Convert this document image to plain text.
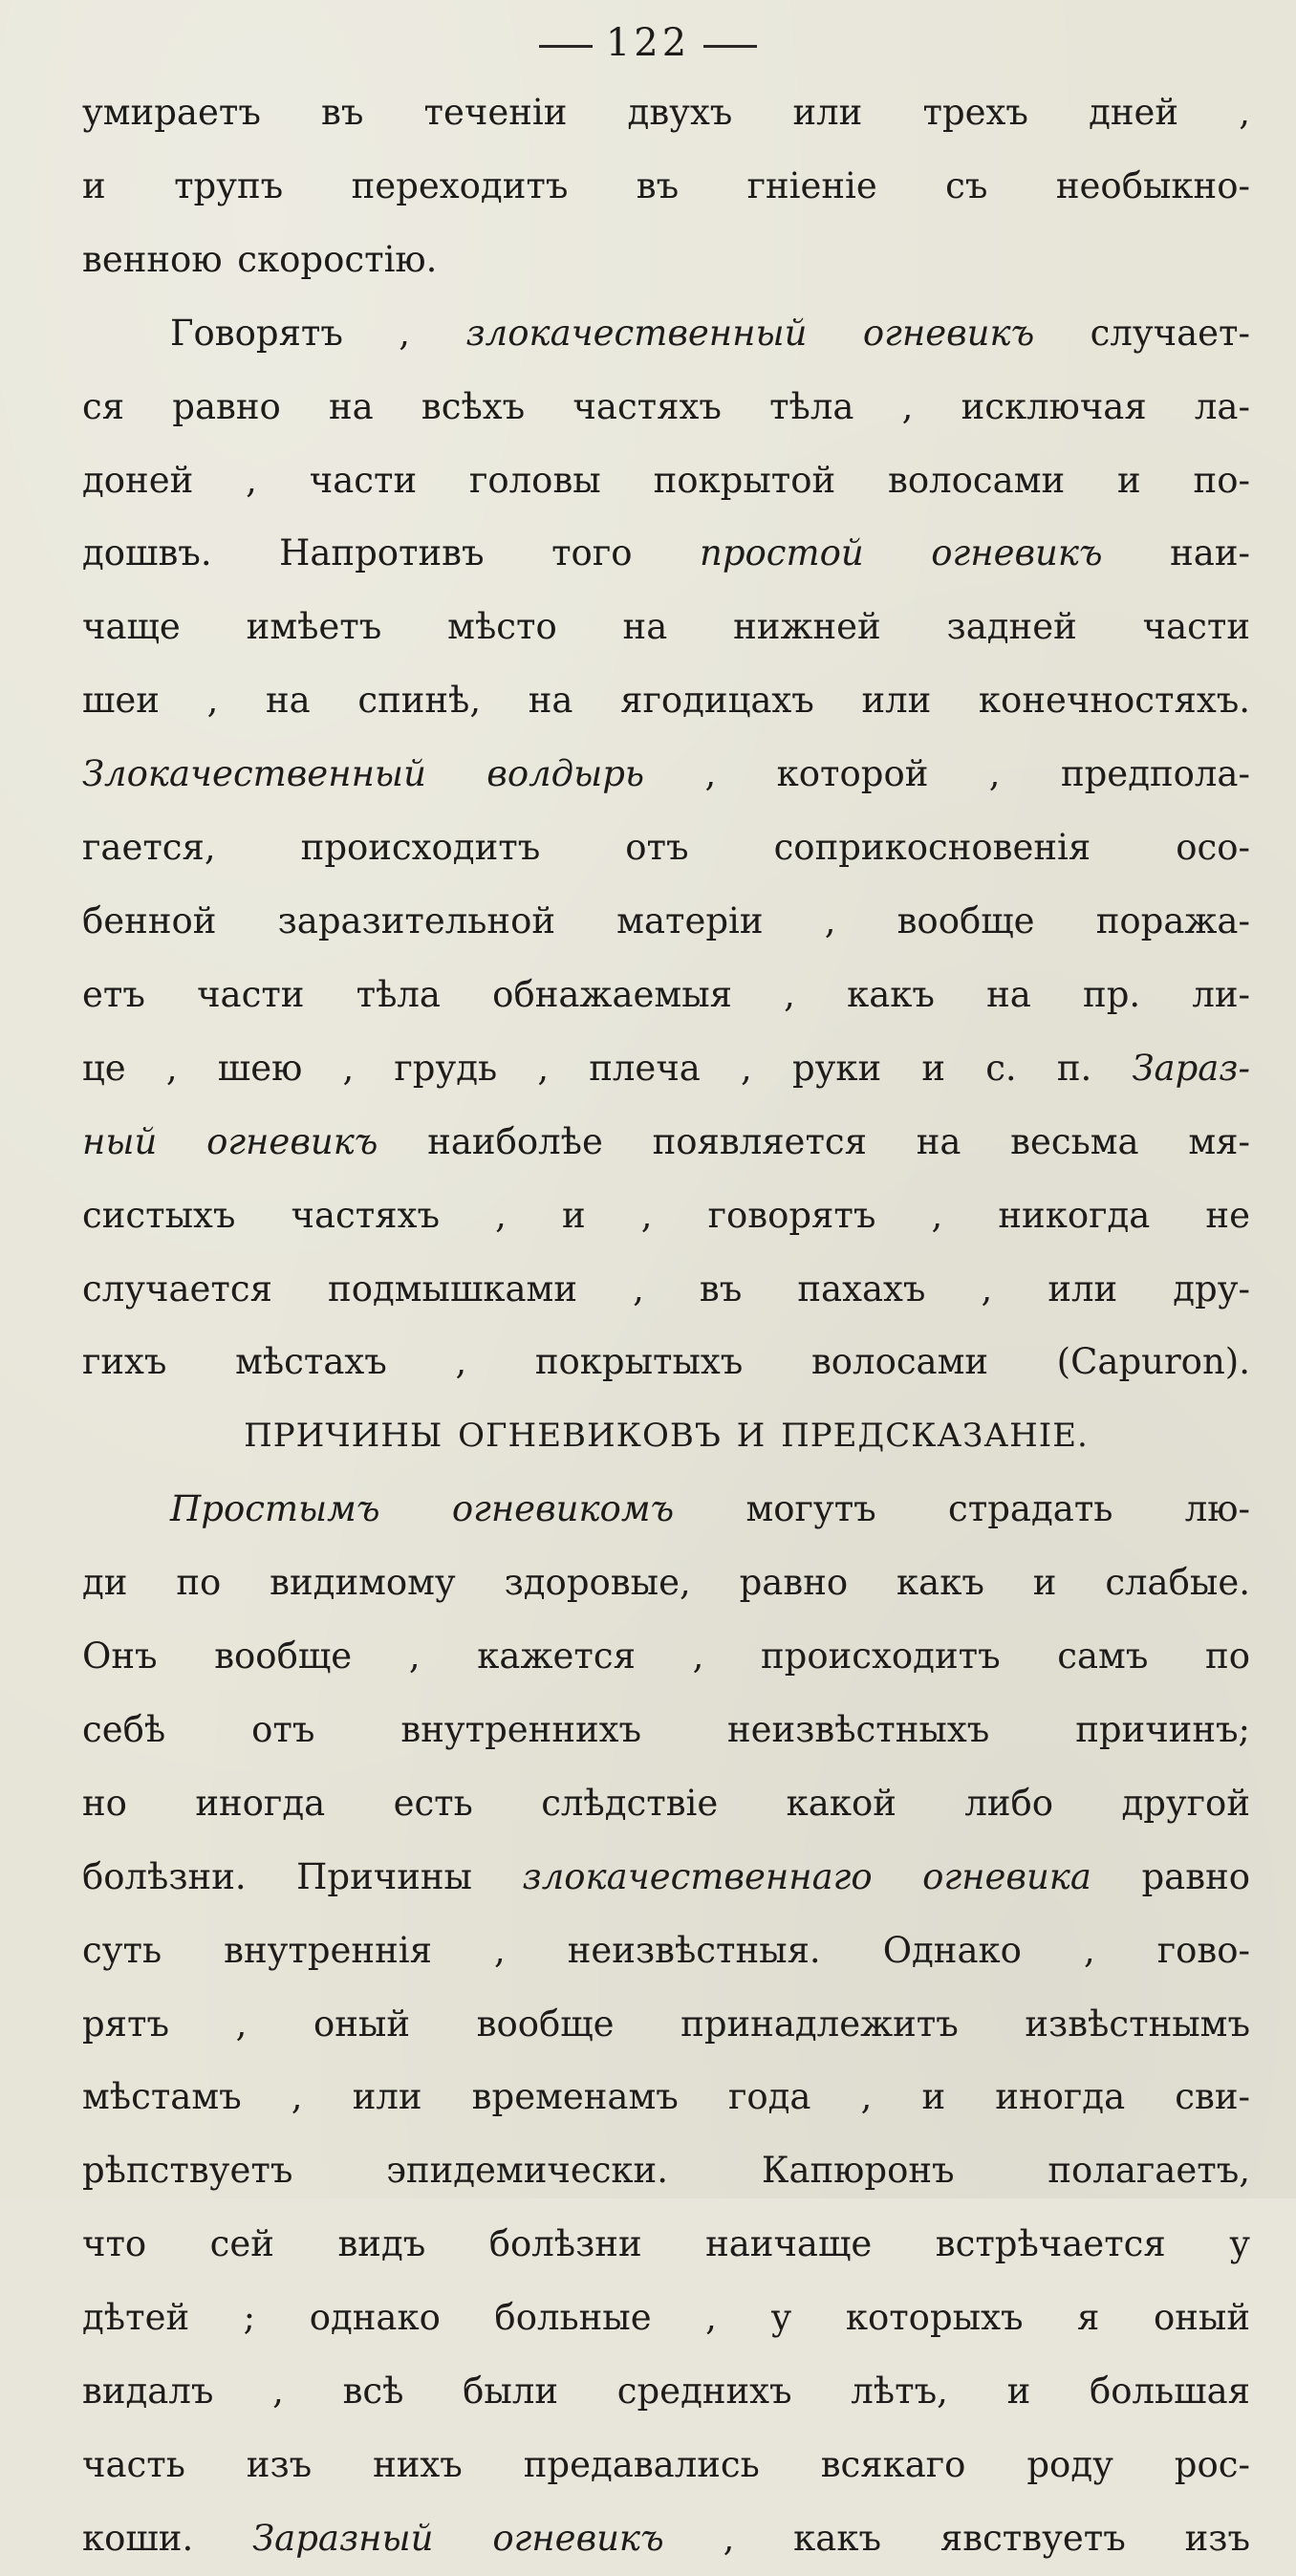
122
умираетъ въ теченіи двухъ или трехъ дней ,
и трупъ переходитъ въ гніеніе съ необыкно-
венною скоростію.
Говорятъ , злокачественный огневикъ случает-
ся равно на всѣхъ частяхъ тѣла , исключая ла-
доней , части головы покрытой волосами и по-
дошвъ. Напротивъ того простой огневикъ наи-
чаще имѣетъ мѣсто на нижней задней части
шеи , на спинѣ, на ягодицахъ или конечностяхъ.
Злокачественный волдырь , которой , предпола-
гается, происходитъ отъ соприкосновенія осо-
бенной заразительной матеріи , вообще поража-
етъ части тѣла обнажаемыя , какъ на пр. ли-
це , шею , грудь , плеча , руки и с. п. Зараз-
ный огневикъ наиболѣе появляется на весьма мя-
систыхъ частяхъ , и , говорятъ , никогда не
случается подмышками , въ пахахъ , или дру-
гихъ мѣстахъ , покрытыхъ волосами (Capuron).
ПРИЧИНЫ ОГНЕВИКОВЪ И ПРЕДСКАЗАНІЕ.
Простымъ огневикомъ могутъ страдать лю-
ди по видимому здоровые, равно какъ и слабые.
Онъ вообще , кажется , происходитъ самъ по
себѣ отъ внутреннихъ неизвѣстныхъ причинъ;
но иногда есть слѣдствіе какой либо другой
болѣзни. Причины злокачественнаго огневика равно
суть внутреннія , неизвѣстныя. Однако , гово-
рятъ , оный вообще принадлежитъ извѣстнымъ
мѣстамъ , или временамъ года , и иногда сви-
рѣпствуетъ эпидемически. Капюронъ полагаетъ,
что сей видъ болѣзни наичаще встрѣчается у
дѣтей ; однако больные , у которыхъ я оный
видалъ , всѣ были среднихъ лѣтъ, и большая
часть изъ нихъ предавались всякаго роду рос-
коши. Заразный огневикъ , какъ явствуетъ изъ
